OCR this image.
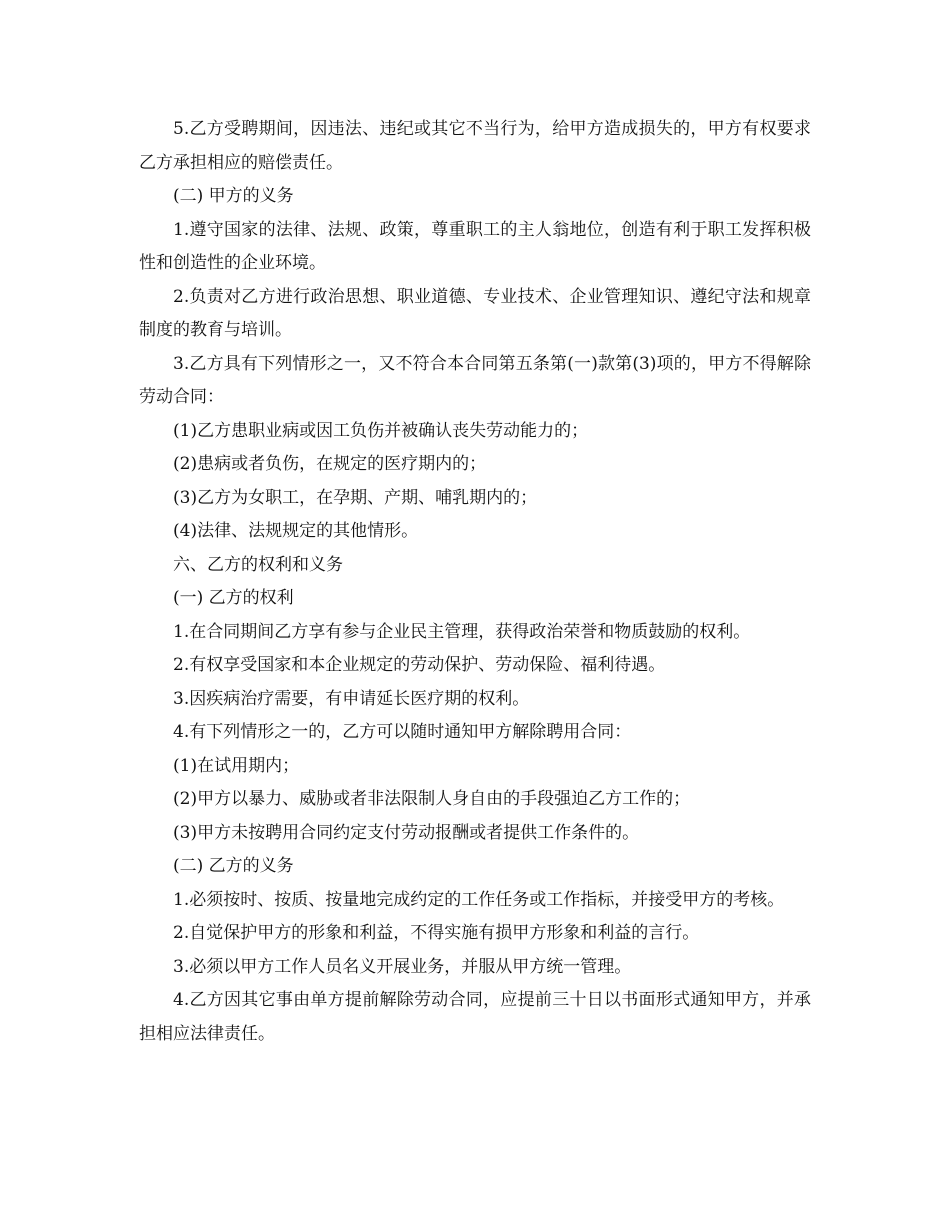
5.乙方受聘期间，因违法、违纪或其它不当行为，给甲方造成损失的，甲方有权要求乙方承担相应的赔偿责任。

(二) 甲方的义务

1.遵守国家的法律、法规、政策，尊重职工的主人翁地位，创造有利于职工发挥积极性和创造性的企业环境。

2.负责对乙方进行政治思想、职业道德、专业技术、企业管理知识、遵纪守法和规章制度的教育与培训。

3.乙方具有下列情形之一，又不符合本合同第五条第(一)款第(3)项的，甲方不得解除劳动合同：

(1)乙方患职业病或因工负伤并被确认丧失劳动能力的；

(2)患病或者负伤，在规定的医疗期内的；

(3)乙方为女职工，在孕期、产期、哺乳期内的；

(4)法律、法规规定的其他情形。

六、乙方的权利和义务

(一) 乙方的权利

1.在合同期间乙方享有参与企业民主管理，获得政治荣誉和物质鼓励的权利。

2.有权享受国家和本企业规定的劳动保护、劳动保险、福利待遇。

3.因疾病治疗需要，有申请延长医疗期的权利。

4.有下列情形之一的，乙方可以随时通知甲方解除聘用合同：

(1)在试用期内；

(2)甲方以暴力、威胁或者非法限制人身自由的手段强迫乙方工作的；

(3)甲方未按聘用合同约定支付劳动报酬或者提供工作条件的。

(二) 乙方的义务

1.必须按时、按质、按量地完成约定的工作任务或工作指标，并接受甲方的考核。

2.自觉保护甲方的形象和利益，不得实施有损甲方形象和利益的言行。

3.必须以甲方工作人员名义开展业务，并服从甲方统一管理。

4.乙方因其它事由单方提前解除劳动合同，应提前三十日以书面形式通知甲方，并承担相应法律责任。
